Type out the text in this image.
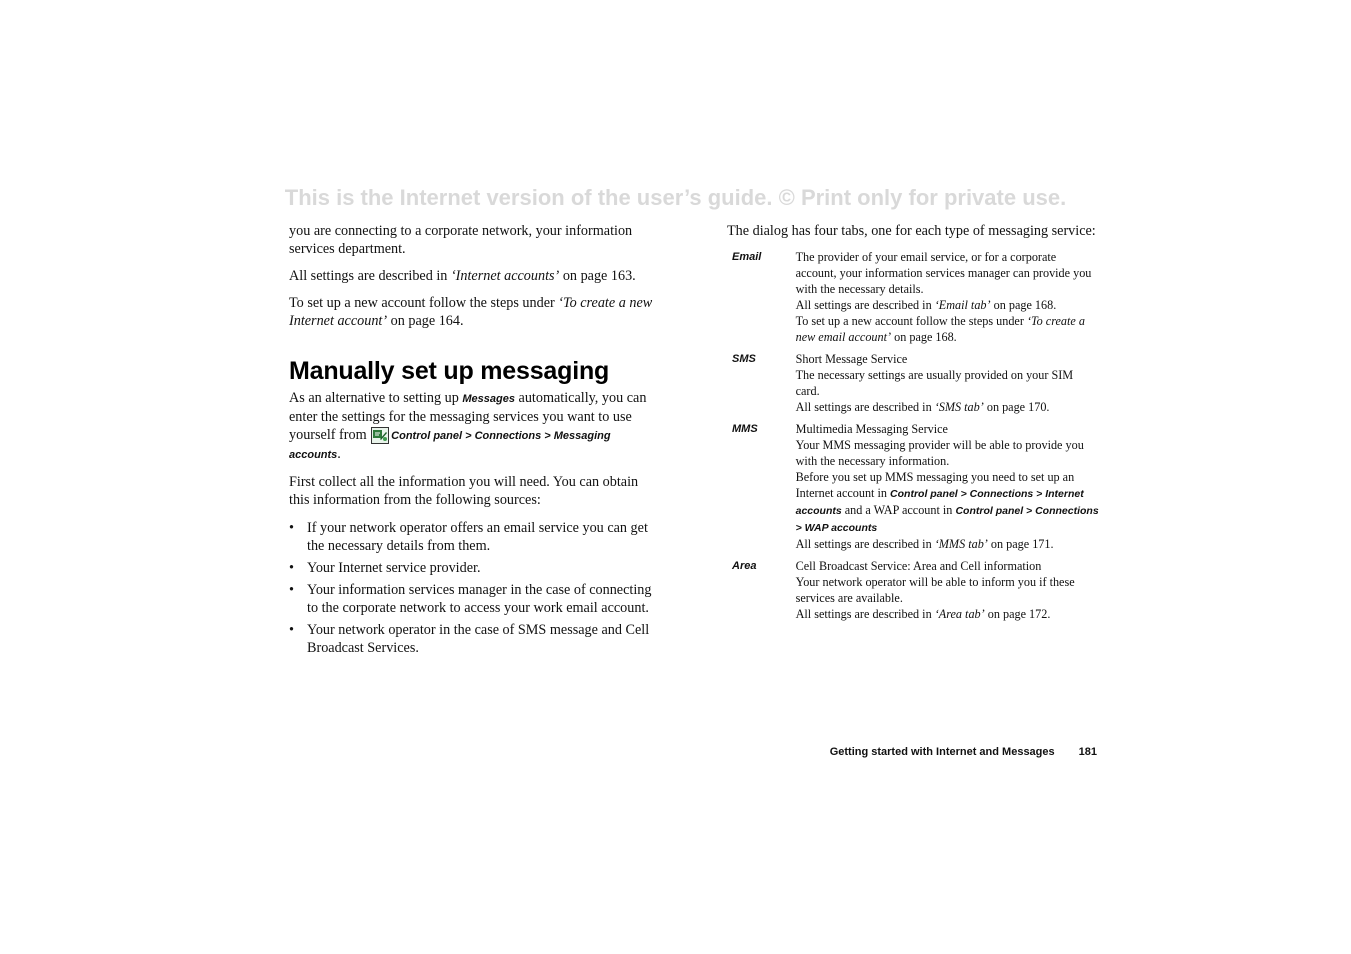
This is the Internet version of the user’s guide. © Print only for private use.

you are connecting to a corporate network, your information services department.

All settings are described in ‘Internet accounts’ on page 163.

To set up a new account follow the steps under ‘To create a new Internet account’ on page 164.

Manually set up messaging

As an alternative to setting up Messages automatically, you can enter the settings for the messaging services you want to use yourself from Control panel > Connections > Messaging accounts.

First collect all the information you will need. You can obtain this information from the following sources:

• If your network operator offers an email service you can get the necessary details from them.
• Your Internet service provider.
• Your information services manager in the case of connecting to the corporate network to access your work email account.
• Your network operator in the case of SMS message and Cell Broadcast Services.

The dialog has four tabs, one for each type of messaging service:

Email	The provider of your email service, or for a corporate account, your information services manager can provide you with the necessary details.
All settings are described in ‘Email tab’ on page 168.
To set up a new account follow the steps under ‘To create a new email account’ on page 168.

SMS	Short Message Service
The necessary settings are usually provided on your SIM card.
All settings are described in ‘SMS tab’ on page 170.

MMS	Multimedia Messaging Service
Your MMS messaging provider will be able to provide you with the necessary information.
Before you set up MMS messaging you need to set up an Internet account in Control panel > Connections > Internet accounts and a WAP account in Control panel > Connections > WAP accounts
All settings are described in ‘MMS tab’ on page 171.

Area	Cell Broadcast Service: Area and Cell information
Your network operator will be able to inform you if these services are available.
All settings are described in ‘Area tab’ on page 172.
Getting started with Internet and Messages 181
